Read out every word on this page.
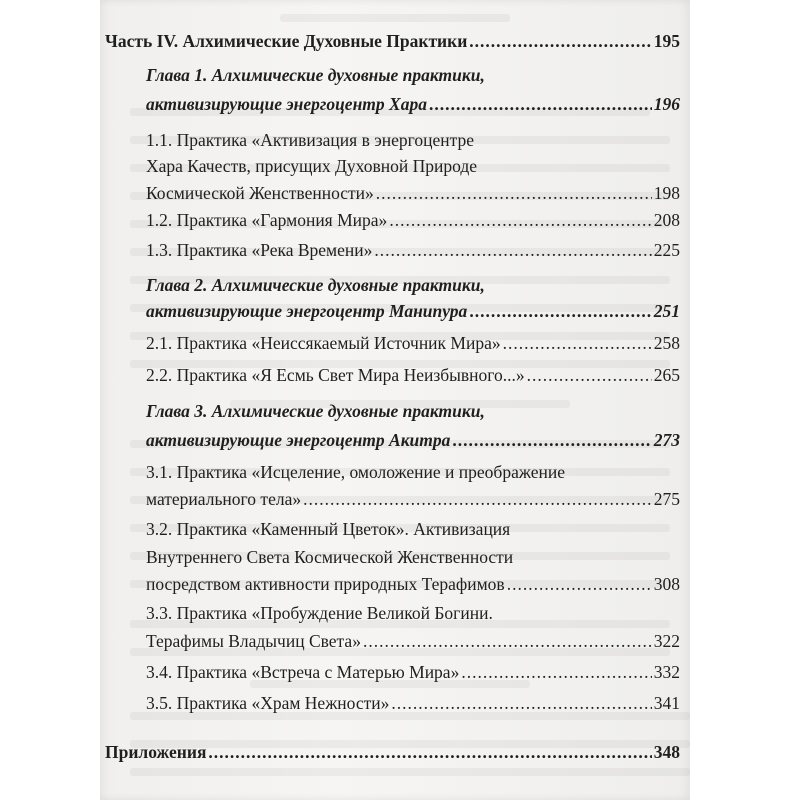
Часть IV. Алхимические Духовные Практики .....	195
Глава 1. Алхимические духовные практики,
активизирующие энергоцентр Хара .....	196
1.1. Практика «Активизация в энергоцентре
Хара Качеств, присущих Духовной Природе
Космической Женственности» .....	198
1.2. Практика «Гармония Мира» .....	208
1.3. Практика «Река Времени» .....	225
Глава 2. Алхимические духовные практики,
активизирующие энергоцентр Манипура .....	251
2.1. Практика «Неиссякаемый Источник Мира» .....	258
2.2. Практика «Я Есмь Свет Мира Неизбывного...» .....	265
Глава 3. Алхимические духовные практики,
активизирующие энергоцентр Акитра .....	273
3.1. Практика «Исцеление, омоложение и преображение
материального тела» .....	275
3.2. Практика «Каменный Цветок». Активизация
Внутреннего Света Космической Женственности
посредством активности природных Терафимов .....	308
3.3. Практика «Пробуждение Великой Богини.
Терафимы Владычиц Света» .....	322
3.4. Практика «Встреча с Матерью Мира» .....	332
3.5. Практика «Храм Нежности» .....	341
Приложения .....	348
